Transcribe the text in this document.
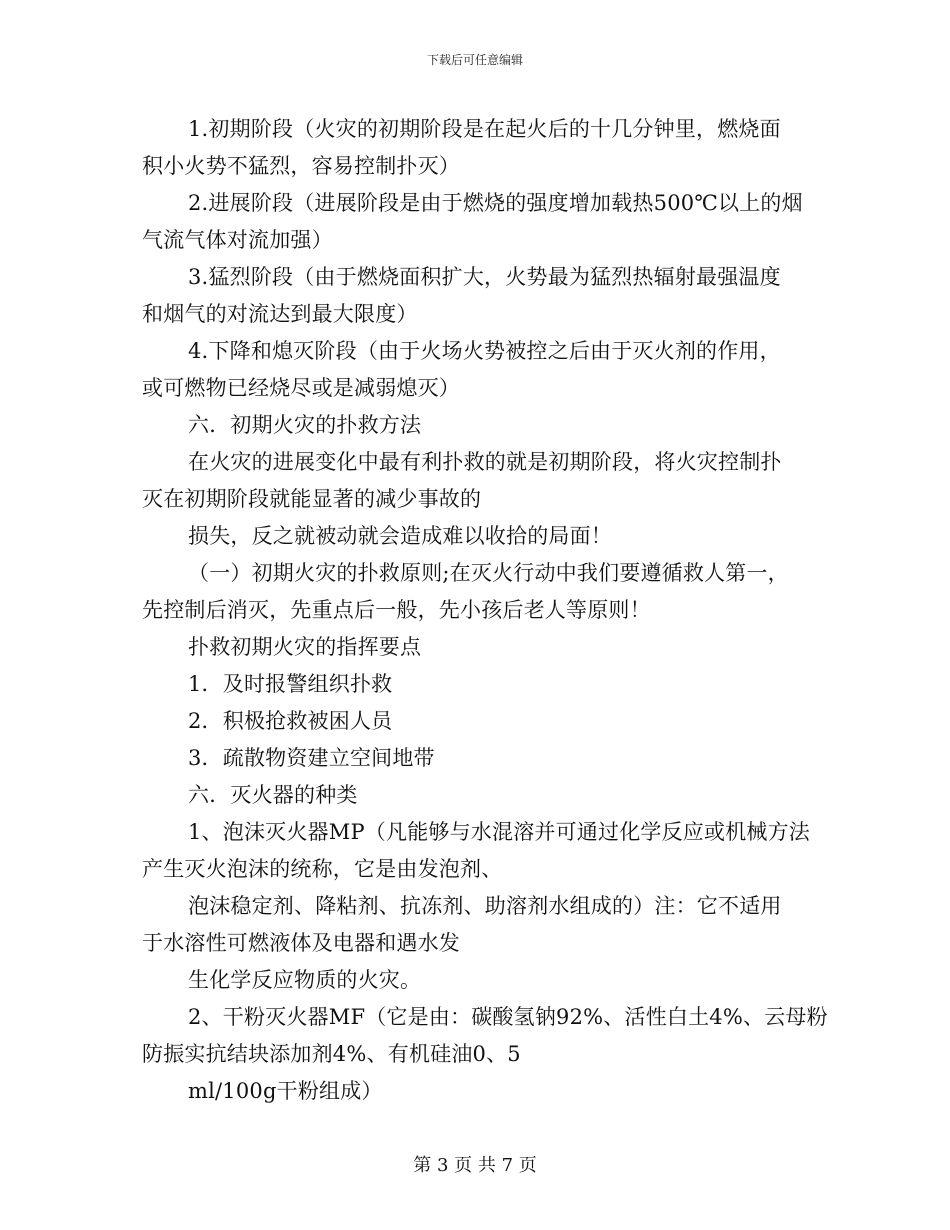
下载后可任意编辑

1.初期阶段（火灾的初期阶段是在起火后的十几分钟里，燃烧面

积小火势不猛烈，容易控制扑灭）

2.进展阶段（进展阶段是由于燃烧的强度增加载热500℃以上的烟

气流气体对流加强）

3.猛烈阶段（由于燃烧面积扩大，火势最为猛烈热辐射最强温度

和烟气的对流达到最大限度）

4.下降和熄灭阶段（由于火场火势被控之后由于灭火剂的作用，

或可燃物已经烧尽或是减弱熄灭）

六．初期火灾的扑救方法

在火灾的进展变化中最有利扑救的就是初期阶段，将火灾控制扑

灭在初期阶段就能显著的减少事故的

损失，反之就被动就会造成难以收拾的局面！

（一）初期火灾的扑救原则;在灭火行动中我们要遵循救人第一，

先控制后消灭，先重点后一般，先小孩后老人等原则！

扑救初期火灾的指挥要点

1．及时报警组织扑救

2．积极抢救被困人员

3．疏散物资建立空间地带

六．灭火器的种类

1、泡沫灭火器MP（凡能够与水混溶并可通过化学反应或机械方法

产生灭火泡沫的统称，它是由发泡剂、

泡沫稳定剂、降粘剂、抗冻剂、助溶剂水组成的）注：它不适用

于水溶性可燃液体及电器和遇水发

生化学反应物质的火灾。

2、干粉灭火器MF（它是由：碳酸氢钠92%、活性白土4%、云母粉

防振实抗结块添加剂4%、有机硅油0、5

ml/100g干粉组成）

第 3 页 共 7 页
